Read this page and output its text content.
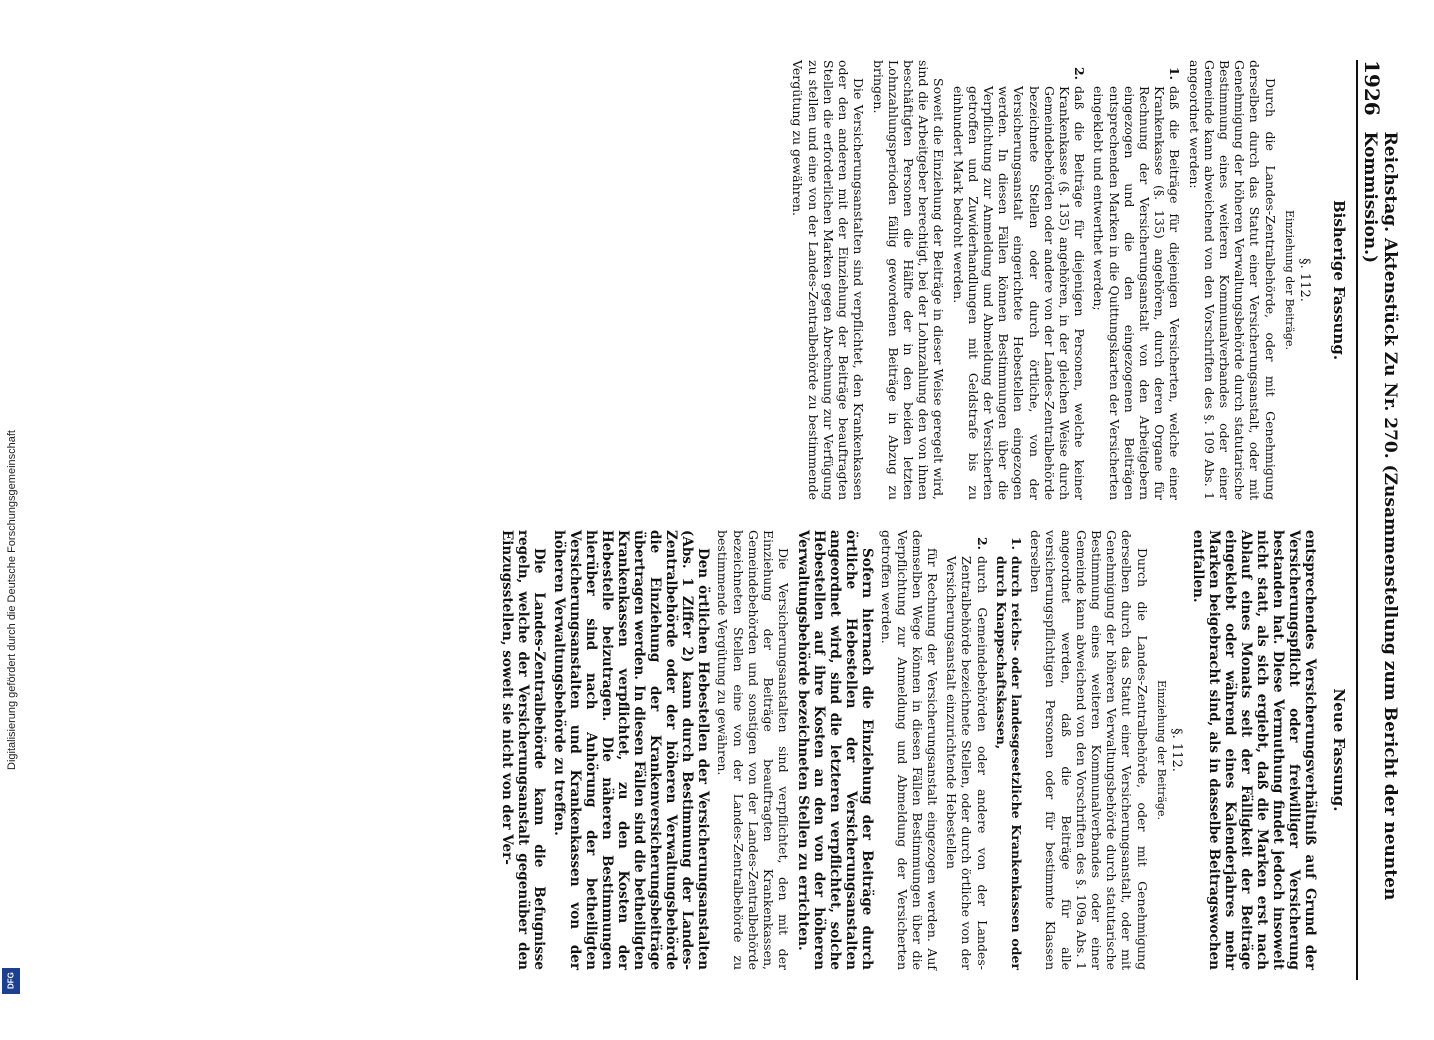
Digitalisierung gefördert durch die Deutsche Forschungsgemeinschaft
DFG
1926
Reichstag. Aktenstück Zu Nr. 270. (Zusammenstellung zum Bericht der neunten Kommission.)
Bisherige Fassung.
Neue Fassung.
§. 112.
Einziehung der Beiträge.

Durch die Landes-Zentralbehörde, oder mit Genehmigung derselben durch das Statut einer Versicherungsanstalt, oder mit Genehmigung der höheren Verwaltungsbehörde durch statutarische Bestimmung eines weiteren Kommunalverbandes oder einer Gemeinde kann abweichend von den Vorschriften des §. 109 Abs. 1 angeordnet werden:

1.
daß die Beiträge für diejenigen Versicherten, welche einer Krankenkasse (§. 135) angehören, durch deren Organe für Rechnung der Versicherungsanstalt von den Arbeitgebern eingezogen und die den eingezogenen Beiträgen entsprechenden Marken in die Quittungskarten der Versicherten eingeklebt und entwerthet werden;
2.
daß die Beiträge für diejenigen Personen, welche keiner Krankenkasse (§. 135) angehören, in der gleichen Weise durch Gemeindebehörden oder andere von der Landes-Zentralbehörde bezeichnete Stellen oder durch örtliche, von der Versicherungsanstalt eingerichtete Hebestellen eingezogen werden. In diesen Fällen können Bestimmungen über die Verpflichtung zur Anmeldung und Abmeldung der Versicherten getroffen und Zuwiderhandlungen mit Geldstrafe bis zu einhundert Mark bedroht werden.

Soweit die Einziehung der Beiträge in dieser Weise geregelt wird, sind die Arbeitgeber berechtigt, bei der Lohnzahlung den von ihnen beschäftigten Personen die Hälfte der in den beiden letzten Lohnzahlungsperioden fällig gewordenen Beiträge in Abzug zu bringen.

Die Versicherungsanstalten sind verpflichtet, den Krankenkassen oder den anderen mit der Einziehung der Beiträge beauftragten Stellen die erforderlichen Marken gegen Abrechnung zur Verfügung zu stellen und eine von der Landes-Zentralbehörde zu bestimmende Vergütung zu gewähren.

entsprechendes Versicherungsverhältniß auf Grund der Versicherungspflicht oder freiwilliger Versicherung bestanden hat. Diese Vermuthung findet jedoch insoweit nicht statt, als sich ergiebt, daß die Marken erst nach Ablauf eines Monats seit der Fälligkeit der Beiträge eingeklebt oder während eines Kalenderjahres mehr Marken beigebracht sind, als in dasselbe Beitragswochen entfallen.

§. 112.
Einziehung der Beiträge.

Durch die Landes-Zentralbehörde, oder mit Genehmigung derselben durch das Statut einer Versicherungsanstalt, oder mit Genehmigung der höheren Verwaltungsbehörde durch statutarische Bestimmung eines weiteren Kommunalverbandes oder einer Gemeinde kann abweichend von den Vorschriften des §. 109a Abs. 1 angeordnet werden, daß die Beiträge für alle versicherungspflichtigen Personen oder für bestimmte Klassen derselben

1.
durch reichs- oder landesgesetzliche Krankenkassen oder durch Knappschaftskassen,
2.
durch Gemeindebehörden oder andere von der Landes-Zentralbehörde bezeichnete Stellen, oder durch örtliche von der Versicherungsanstalt einzurichtende Hebestellen

für Rechnung der Versicherungsanstalt eingezogen werden. Auf demselben Wege können in diesen Fällen Bestimmungen über die Verpflichtung zur Anmeldung und Abmeldung der Versicherten getroffen werden.

Sofern hiernach die Einziehung der Beiträge durch örtliche Hebestellen der Versicherungsanstalten angeordnet wird, sind die letzteren verpflichtet, solche Hebestellen auf ihre Kosten an den von der höheren Verwaltungsbehörde bezeichneten Stellen zu errichten.

Die Versicherungsanstalten sind verpflichtet, den mit der Einziehung der Beiträge beauftragten Krankenkassen, Gemeindebehörden und sonstigen von der Landes-Zentralbehörde bezeichneten Stellen eine von der Landes-Zentralbehörde zu bestimmende Vergütung zu gewähren.

Den örtlichen Hebestellen der Versicherungsanstalten (Abs. 1 Ziffer 2) kann durch Bestimmung der Landes-Zentralbehörde oder der höheren Verwaltungsbehörde die Einziehung der Krankenversicherungsbeiträge übertragen werden. In diesen Fällen sind die betheiligten Krankenkassen verpflichtet, zu den Kosten der Hebestelle beizutragen. Die näheren Bestimmungen hierüber sind nach Anhörung der betheiligten Versicherungsanstalten und Krankenkassen von der höheren Verwaltungsbehörde zu treffen.

Die Landes-Zentralbehörde kann die Befugnisse regeln, welche der Versicherungsanstalt gegenüber den Einzugsstellen, soweit sie nicht von der Ver-
